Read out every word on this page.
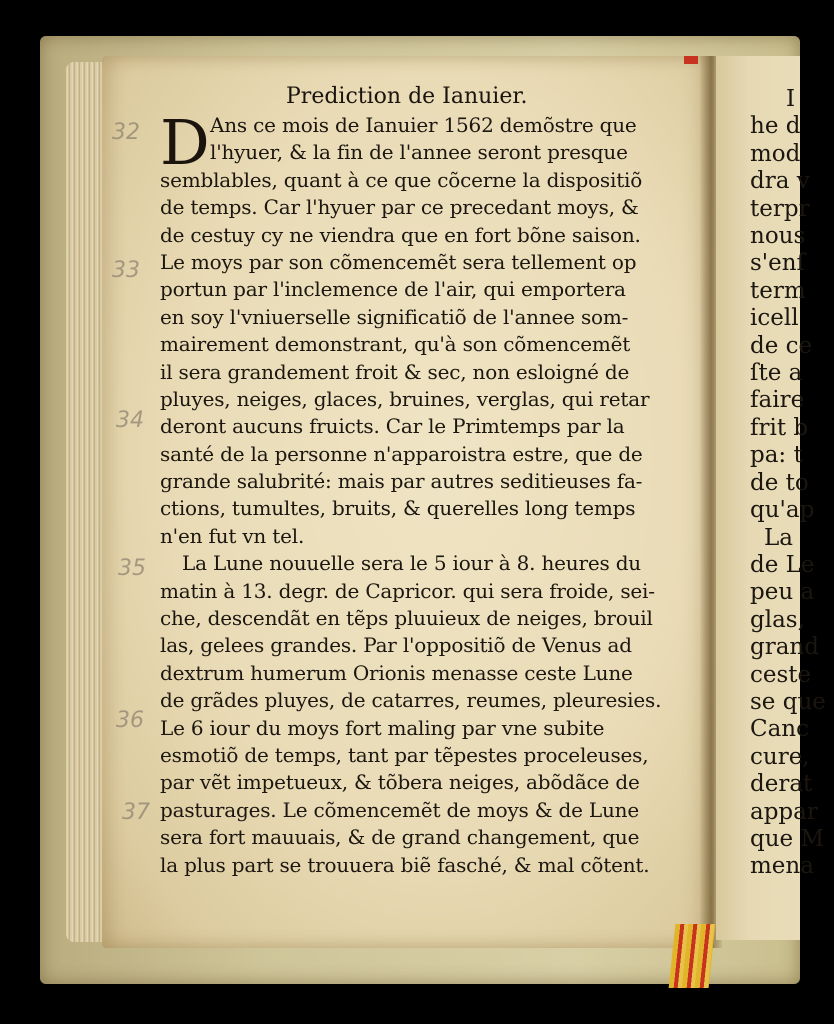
Prediction de Ianuier.
D Ans ce mois de Ianuier 1562 demõstre que
l'hyuer, & la fin de l'annee seront presque
semblables, quant à ce que cõcerne la dispositiõ
de temps. Car l'hyuer par ce precedant moys, &
de cestuy cy ne viendra que en fort bõne saison.
Le moys par son cõmencemẽt sera tellement op
portun par l'inclemence de l'air, qui emportera
en soy l'vniuerselle significatiõ de l'annee som-
mairement demonstrant, qu'à son cõmencemẽt
il sera grandement froit & sec, non esloigné de
pluyes, neiges, glaces, bruines, verglas, qui retar
deront aucuns fruicts. Car le Primtemps par la
santé de la personne n'apparoistra estre, que de
grande salubrité: mais par autres seditieuses fa-
ctions, tumultes, bruits, & querelles long temps
n'en fut vn tel.
La Lune nouuelle sera le 5 iour à 8. heures du
matin à 13. degr. de Capricor. qui sera froide, sei-
che, descendãt en tẽps pluuieux de neiges, brouil
las, gelees grandes. Par l'oppositiõ de Venus ad
dextrum humerum Orionis menasse ceste Lune
de grãdes pluyes, de catarres, reumes, pleuresies.
Le 6 iour du moys fort maling par vne subite
esmotiõ de temps, tant par tẽpestes proceleuses,
par vẽt impetueux, & tõbera neiges, abõdãce de
pasturages. Le cõmencemẽt de moys & de Lune
sera fort mauuais, & de grand changement, que
la plus part se trouuera biẽ fasché, & mal cõtent.
32
33
34
35
36
37
I
he d
mod
dra v
terpr
nous
s'enſ
term
icell
de ce
ſte a
faire
frit b
pa: t
de to
qu'ap
La
de Le
peu a
glas,
grand
ceste
se que
Canc
cure,
derat
appar
que M
mena
